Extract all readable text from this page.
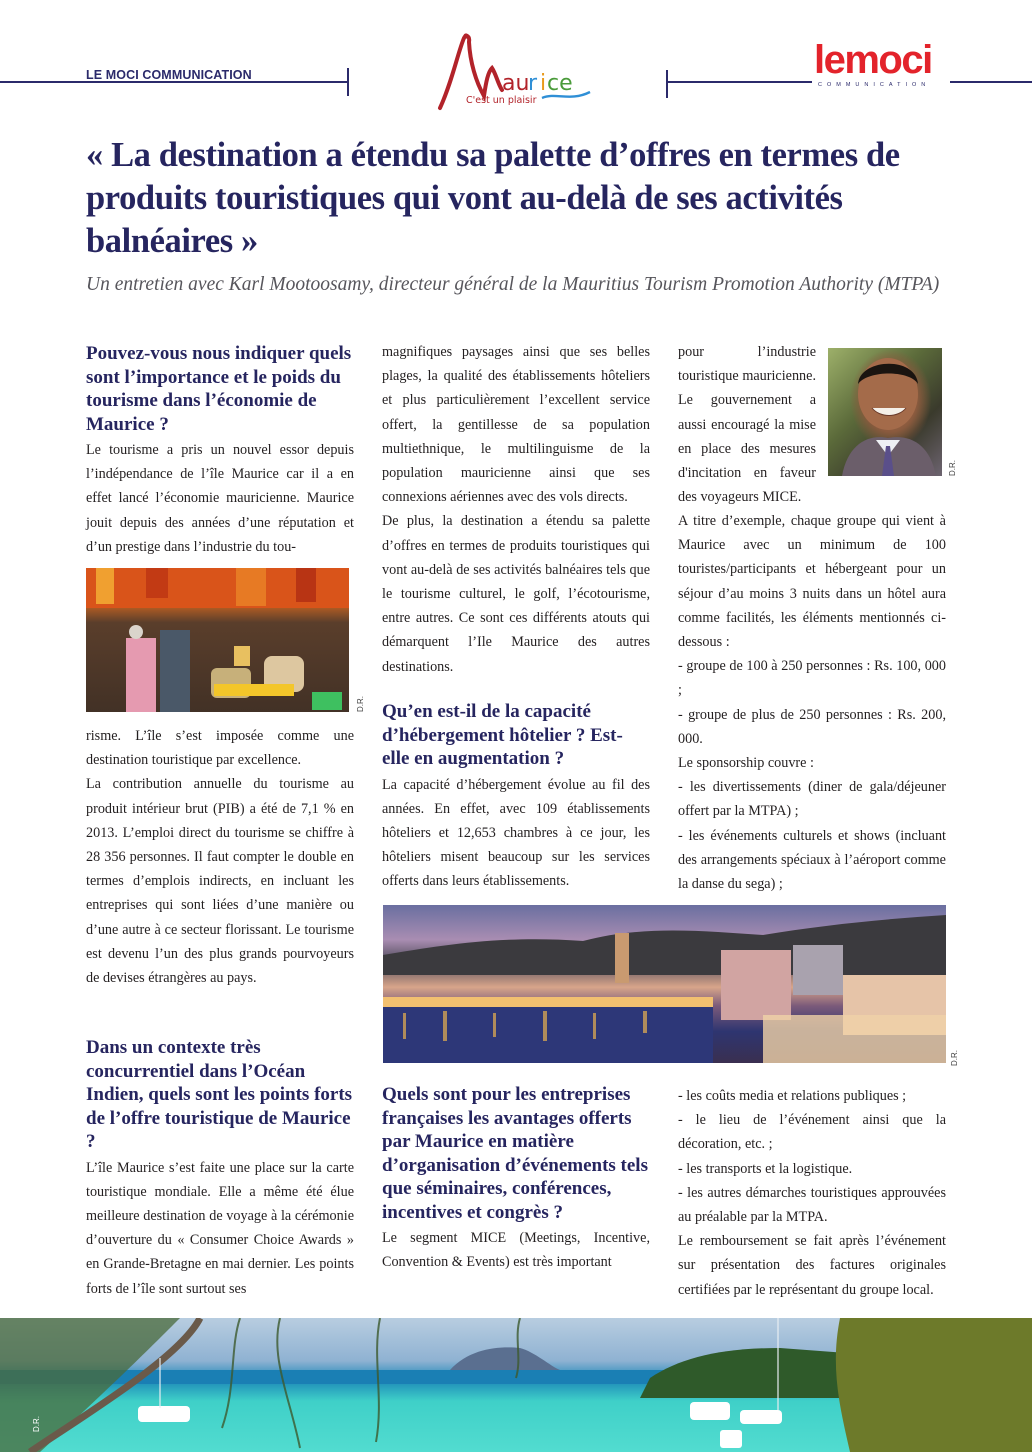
LE MOCI COMMUNICATION	au
r i ce
C'est un plaisir
lemoci
COMMUNICATION
« La destination a étendu sa palette d’offres en termes de produits touristiques qui vont au-delà de ses activités balnéaires »

Un entretien avec Karl Mootoosamy, directeur général de la Mauritius Tourism Promotion Authority (MTPA)

Pouvez-vous nous indiquer quels sont l’importance et le poids du tourisme dans l’économie de Maurice ?

Le tourisme a pris un nouvel essor depuis l’indépendance de l’île Maurice car il a en effet lancé l’économie mauricienne. Maurice jouit depuis des années d’une réputation et d’un prestige dans l’industrie du tou-

D.R.

risme. L’île s’est imposée comme une destination touristique par excellence.

La contribution annuelle du tourisme au produit intérieur brut (PIB) a été de 7,1 % en 2013. L’emploi direct du tourisme se chiffre à 28 356 personnes. Il faut compter le double en termes d’emplois indirects, en incluant les entreprises qui sont liées d’une manière ou d’une autre à ce secteur florissant. Le tourisme est devenu l’un des plus grands pourvoyeurs de devises étrangères au pays.

Dans un contexte très concurrentiel dans l’Océan Indien, quels sont les points forts de l’offre touristique de Maurice ?

L’île Maurice s’est faite une place sur la carte touristique mondiale. Elle a même été élue meilleure destination de voyage à la cérémonie d’ouverture du « Consumer Choice Awards » en Grande-Bretagne en mai dernier. Les points forts de l’île sont surtout ses

magnifiques paysages ainsi que ses belles plages, la qualité des établissements hôteliers et plus particulièrement l’excellent service offert, la gentillesse de sa population multiethnique, le multilinguisme de la population mauricienne ainsi que ses connexions aériennes avec des vols directs.

De plus, la destination a étendu sa palette d’offres en termes de produits touristiques qui vont au-delà de ses activités balnéaires tels que le tourisme culturel, le golf, l’écotourisme, entre autres. Ce sont ces différents atouts qui démarquent l’Ile Maurice des autres destinations.

Qu’en est-il de la capacité d’hébergement hôtelier ? Est-elle en augmentation ?

La capacité d’hébergement évolue au fil des années. En effet, avec 109 établissements hôteliers et 12,653 chambres à ce jour, les hôteliers misent beaucoup sur les services offerts dans leurs établissements.

D.R.

pour l’industrie touristique mauricienne. Le gouvernement a aussi encouragé la mise en place des mesures d'incitation en faveur des voyageurs MICE.

A titre d’exemple, chaque groupe qui vient à Maurice avec un minimum de 100 touristes/participants et hébergeant pour un séjour d’au moins 3 nuits dans un hôtel aura comme facilités, les éléments mentionnés ci-dessous :

- groupe de 100 à 250 personnes : Rs. 100, 000 ;

- groupe de plus de 250 personnes : Rs. 200, 000.

Le sponsorship couvre :

- les divertissements (diner de gala/déjeuner offert par la MTPA) ;

- les événements culturels et shows (incluant des arrangements spéciaux à l’aéroport comme la danse du sega) ;

D.R.
Quels sont pour les entreprises françaises les avantages offerts par Maurice en matière d’organisation d’événements tels que séminaires, conférences, incentives et congrès ?

Le segment MICE (Meetings, Incentive, Convention & Events) est très important

- les coûts media et relations publiques ;

- le lieu de l’événement ainsi que la décoration, etc. ;

- les transports et la logistique.

- les autres démarches touristiques approuvées au préalable par la MTPA.

Le remboursement se fait après l’événement sur présentation des factures originales certifiées par le représentant du groupe local.

D.R.
